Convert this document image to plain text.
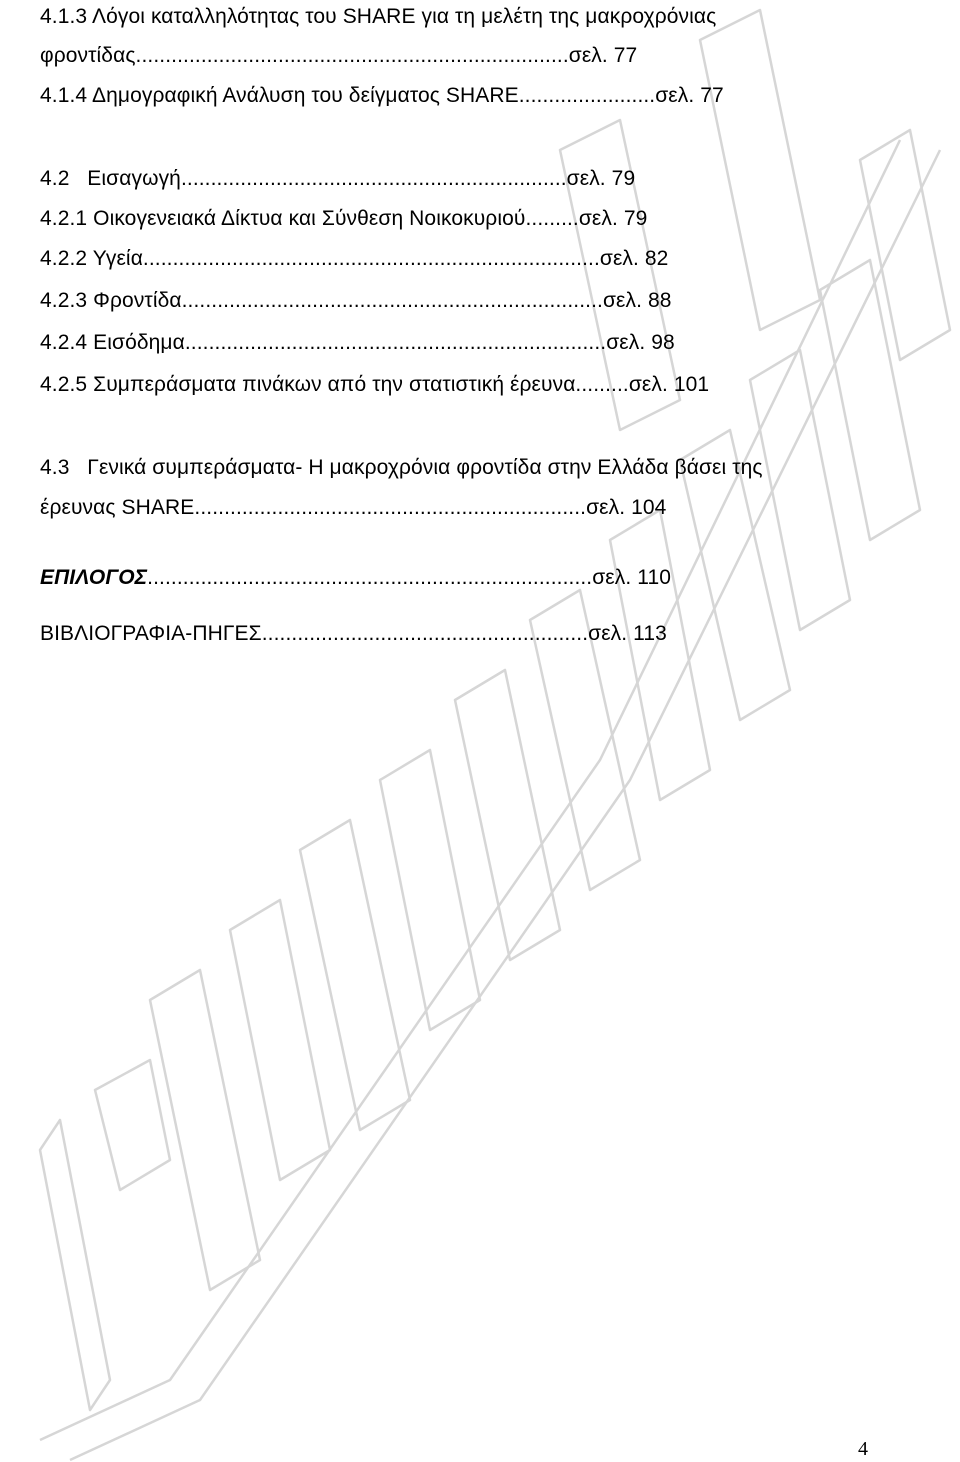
4.1.3 Λόγοι καταλληλότητας του SHARE για τη μελέτη της μακροχρόνιας
φροντίδας.........................................................................σελ. 77
4.1.4 Δημογραφική Ανάλυση του δείγματος SHARE.......................σελ. 77
4.2   Εισαγωγή.................................................................σελ. 79
4.2.1 Οικογενειακά Δίκτυα και Σύνθεση Νοικοκυριού.........σελ. 79
4.2.2 Υγεία.............................................................................σελ. 82
4.2.3 Φροντίδα.......................................................................σελ. 88
4.2.4 Εισόδημα.......................................................................σελ. 98
4.2.5 Συμπεράσματα πινάκων από την στατιστική έρευνα.........σελ. 101
4.3   Γενικά συμπεράσματα- Η μακροχρόνια φροντίδα στην Ελλάδα βάσει της
έρευνας SHARE..................................................................σελ. 104
ΕΠΙΛΟΓΟΣ...........................................................................σελ. 110
ΒΙΒΛΙΟΓΡΑΦΙΑ-ΠΗΓΕΣ.......................................................σελ. 113
4
